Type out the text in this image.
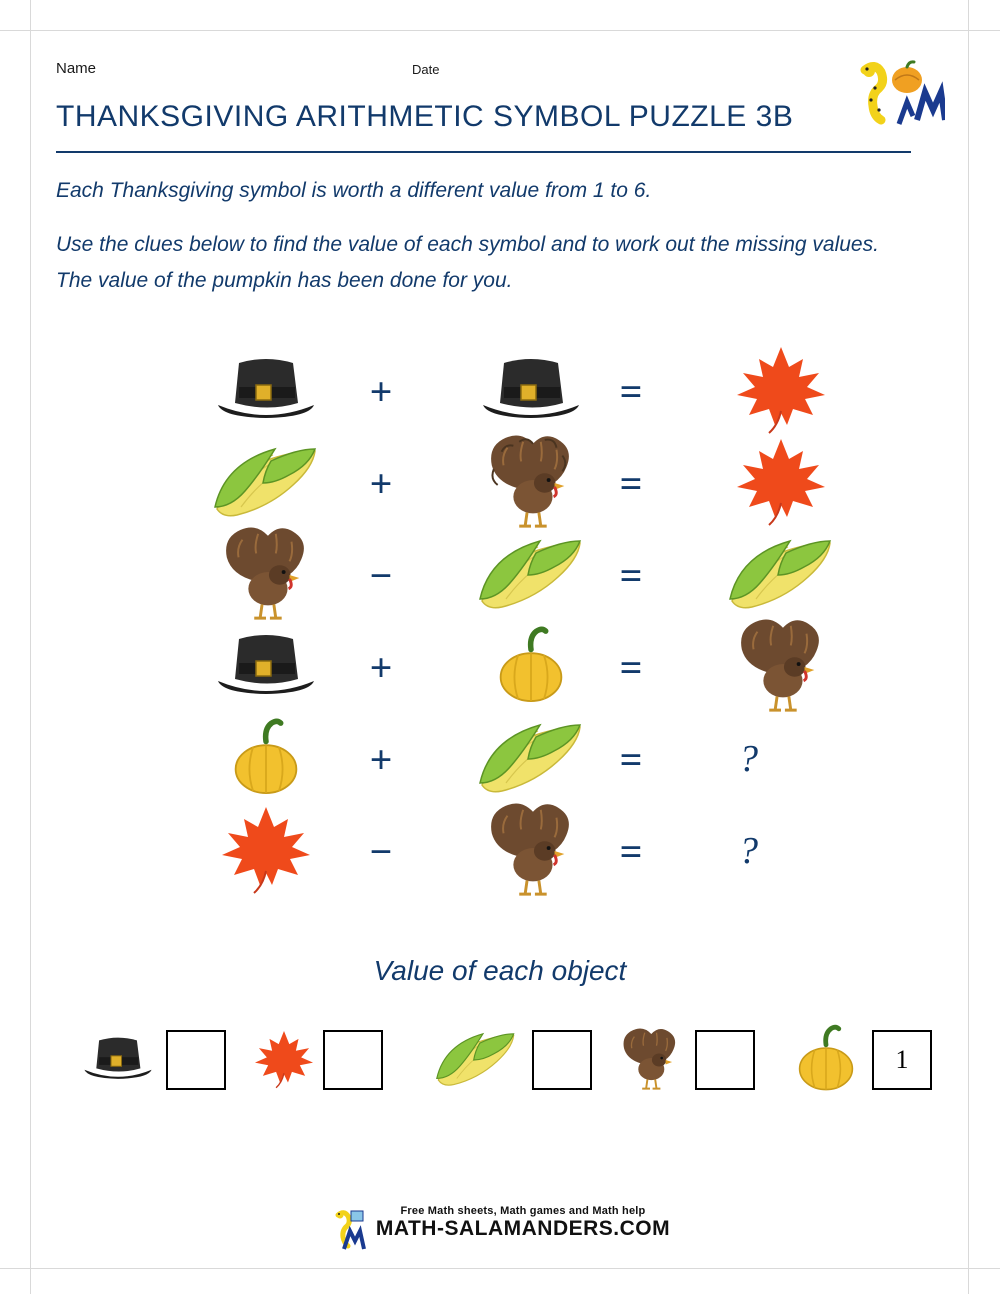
Name	Date
THANKSGIVING ARITHMETIC SYMBOL PUZZLE 3B
Each Thanksgiving symbol is worth a different value from 1 to 6.
Use the clues below to find the value of each symbol and to work out the missing values. The value of the pumpkin has been done for you.
+	=
+	=
−	=
+	=
+	=	?
−	=	?
Value of each object
1
Free Math sheets, Math games and Math help
MATH-SALAMANDERS.COM
